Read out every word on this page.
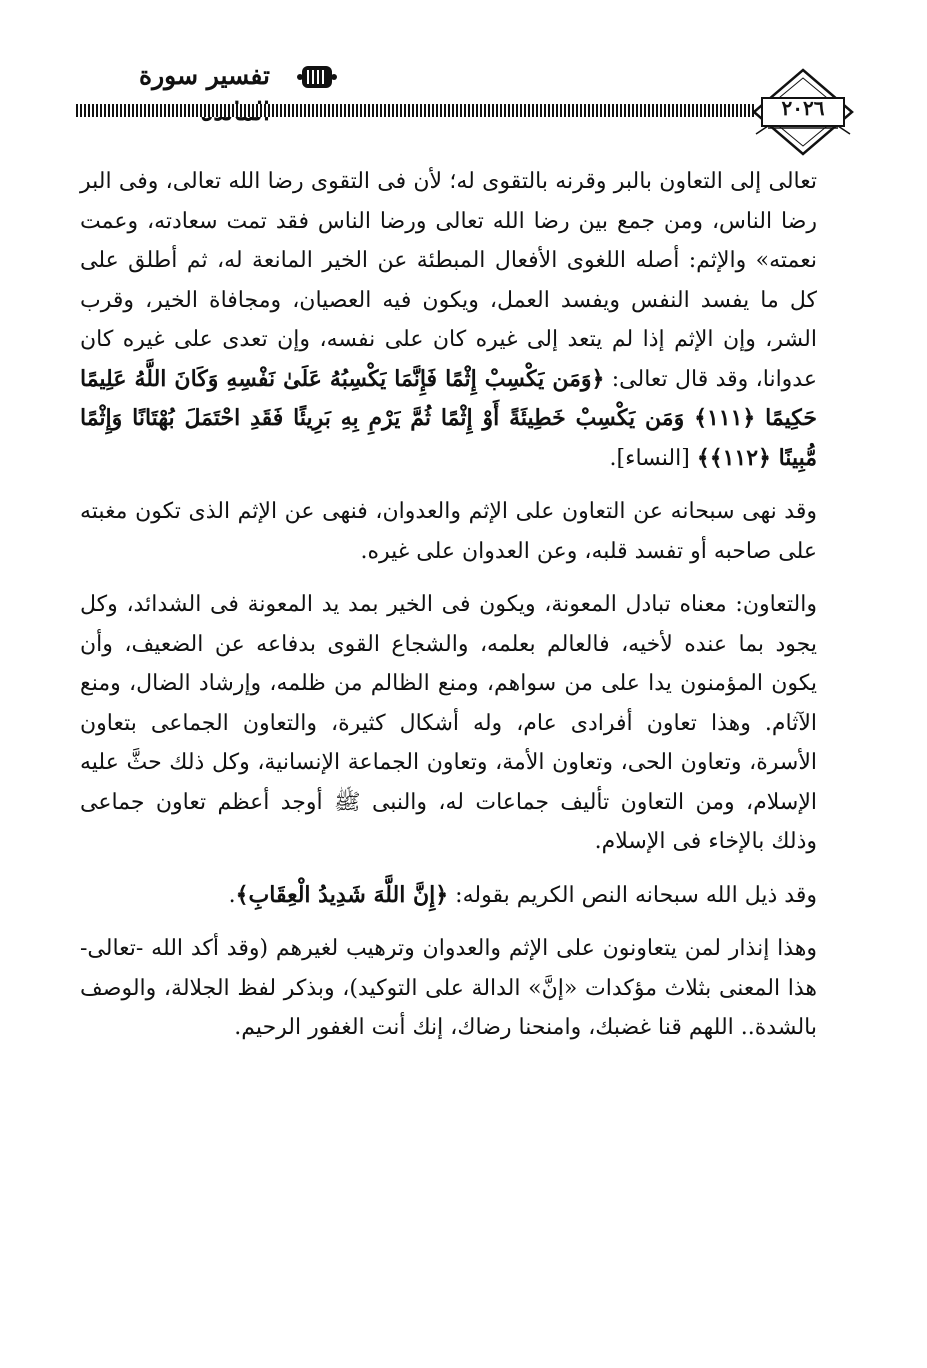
تفسير سورة
٢٠٢٦

تعالى إلى التعاون بالبر وقرنه بالتقوى له؛ لأن فى التقوى رضا الله تعالى، وفى البر رضا الناس، ومن جمع بين رضا الله تعالى ورضا الناس فقد تمت سعادته، وعمت نعمته» والإثم: أصله اللغوى الأفعال المبطئة عن الخير المانعة له، ثم أطلق على كل ما يفسد النفس ويفسد العمل، ويكون فيه العصيان، ومجافاة الخير، وقرب الشر، وإن الإثم إذا لم يتعد إلى غيره كان على نفسه، وإن تعدى على غيره كان عدوانا، وقد قال تعالى: ﴿وَمَن يَكْسِبْ إِثْمًا فَإِنَّمَا يَكْسِبُهُ عَلَىٰ نَفْسِهِ وَكَانَ اللَّهُ عَلِيمًا حَكِيمًا ﴿١١١﴾ وَمَن يَكْسِبْ خَطِيئَةً أَوْ إِثْمًا ثُمَّ يَرْمِ بِهِ بَرِيئًا فَقَدِ احْتَمَلَ بُهْتَانًا وَإِثْمًا مُّبِينًا ﴿١١٢﴾﴾ [النساء].

وقد نهى سبحانه عن التعاون على الإثم والعدوان، فنهى عن الإثم الذى تكون مغبته على صاحبه أو تفسد قلبه، وعن العدوان على غيره.

والتعاون: معناه تبادل المعونة، ويكون فى الخير بمد يد المعونة فى الشدائد، وكل يجود بما عنده لأخيه، فالعالم بعلمه، والشجاع القوى بدفاعه عن الضعيف، وأن يكون المؤمنون يدا على من سواهم، ومنع الظالم من ظلمه، وإرشاد الضال، ومنع الآثام. وهذا تعاون أفرادى عام، وله أشكال كثيرة، والتعاون الجماعى بتعاون الأسرة، وتعاون الحى، وتعاون الأمة، وتعاون الجماعة الإنسانية، وكل ذلك حثَّ عليه الإسلام، ومن التعاون تأليف جماعات له، والنبى ﷺ أوجد أعظم تعاون جماعى وذلك بالإخاء فى الإسلام.

وقد ذيل الله سبحانه النص الكريم بقوله: ﴿إِنَّ اللَّهَ شَدِيدُ الْعِقَابِ﴾.

وهذا إنذار لمن يتعاونون على الإثم والعدوان وترهيب لغيرهم (وقد أكد الله -تعالى- هذا المعنى بثلاث مؤكدات «إنَّ» الدالة على التوكيد)، وبذكر لفظ الجلالة، والوصف بالشدة.. اللهم قنا غضبك، وامنحنا رضاك، إنك أنت الغفور الرحيم.
